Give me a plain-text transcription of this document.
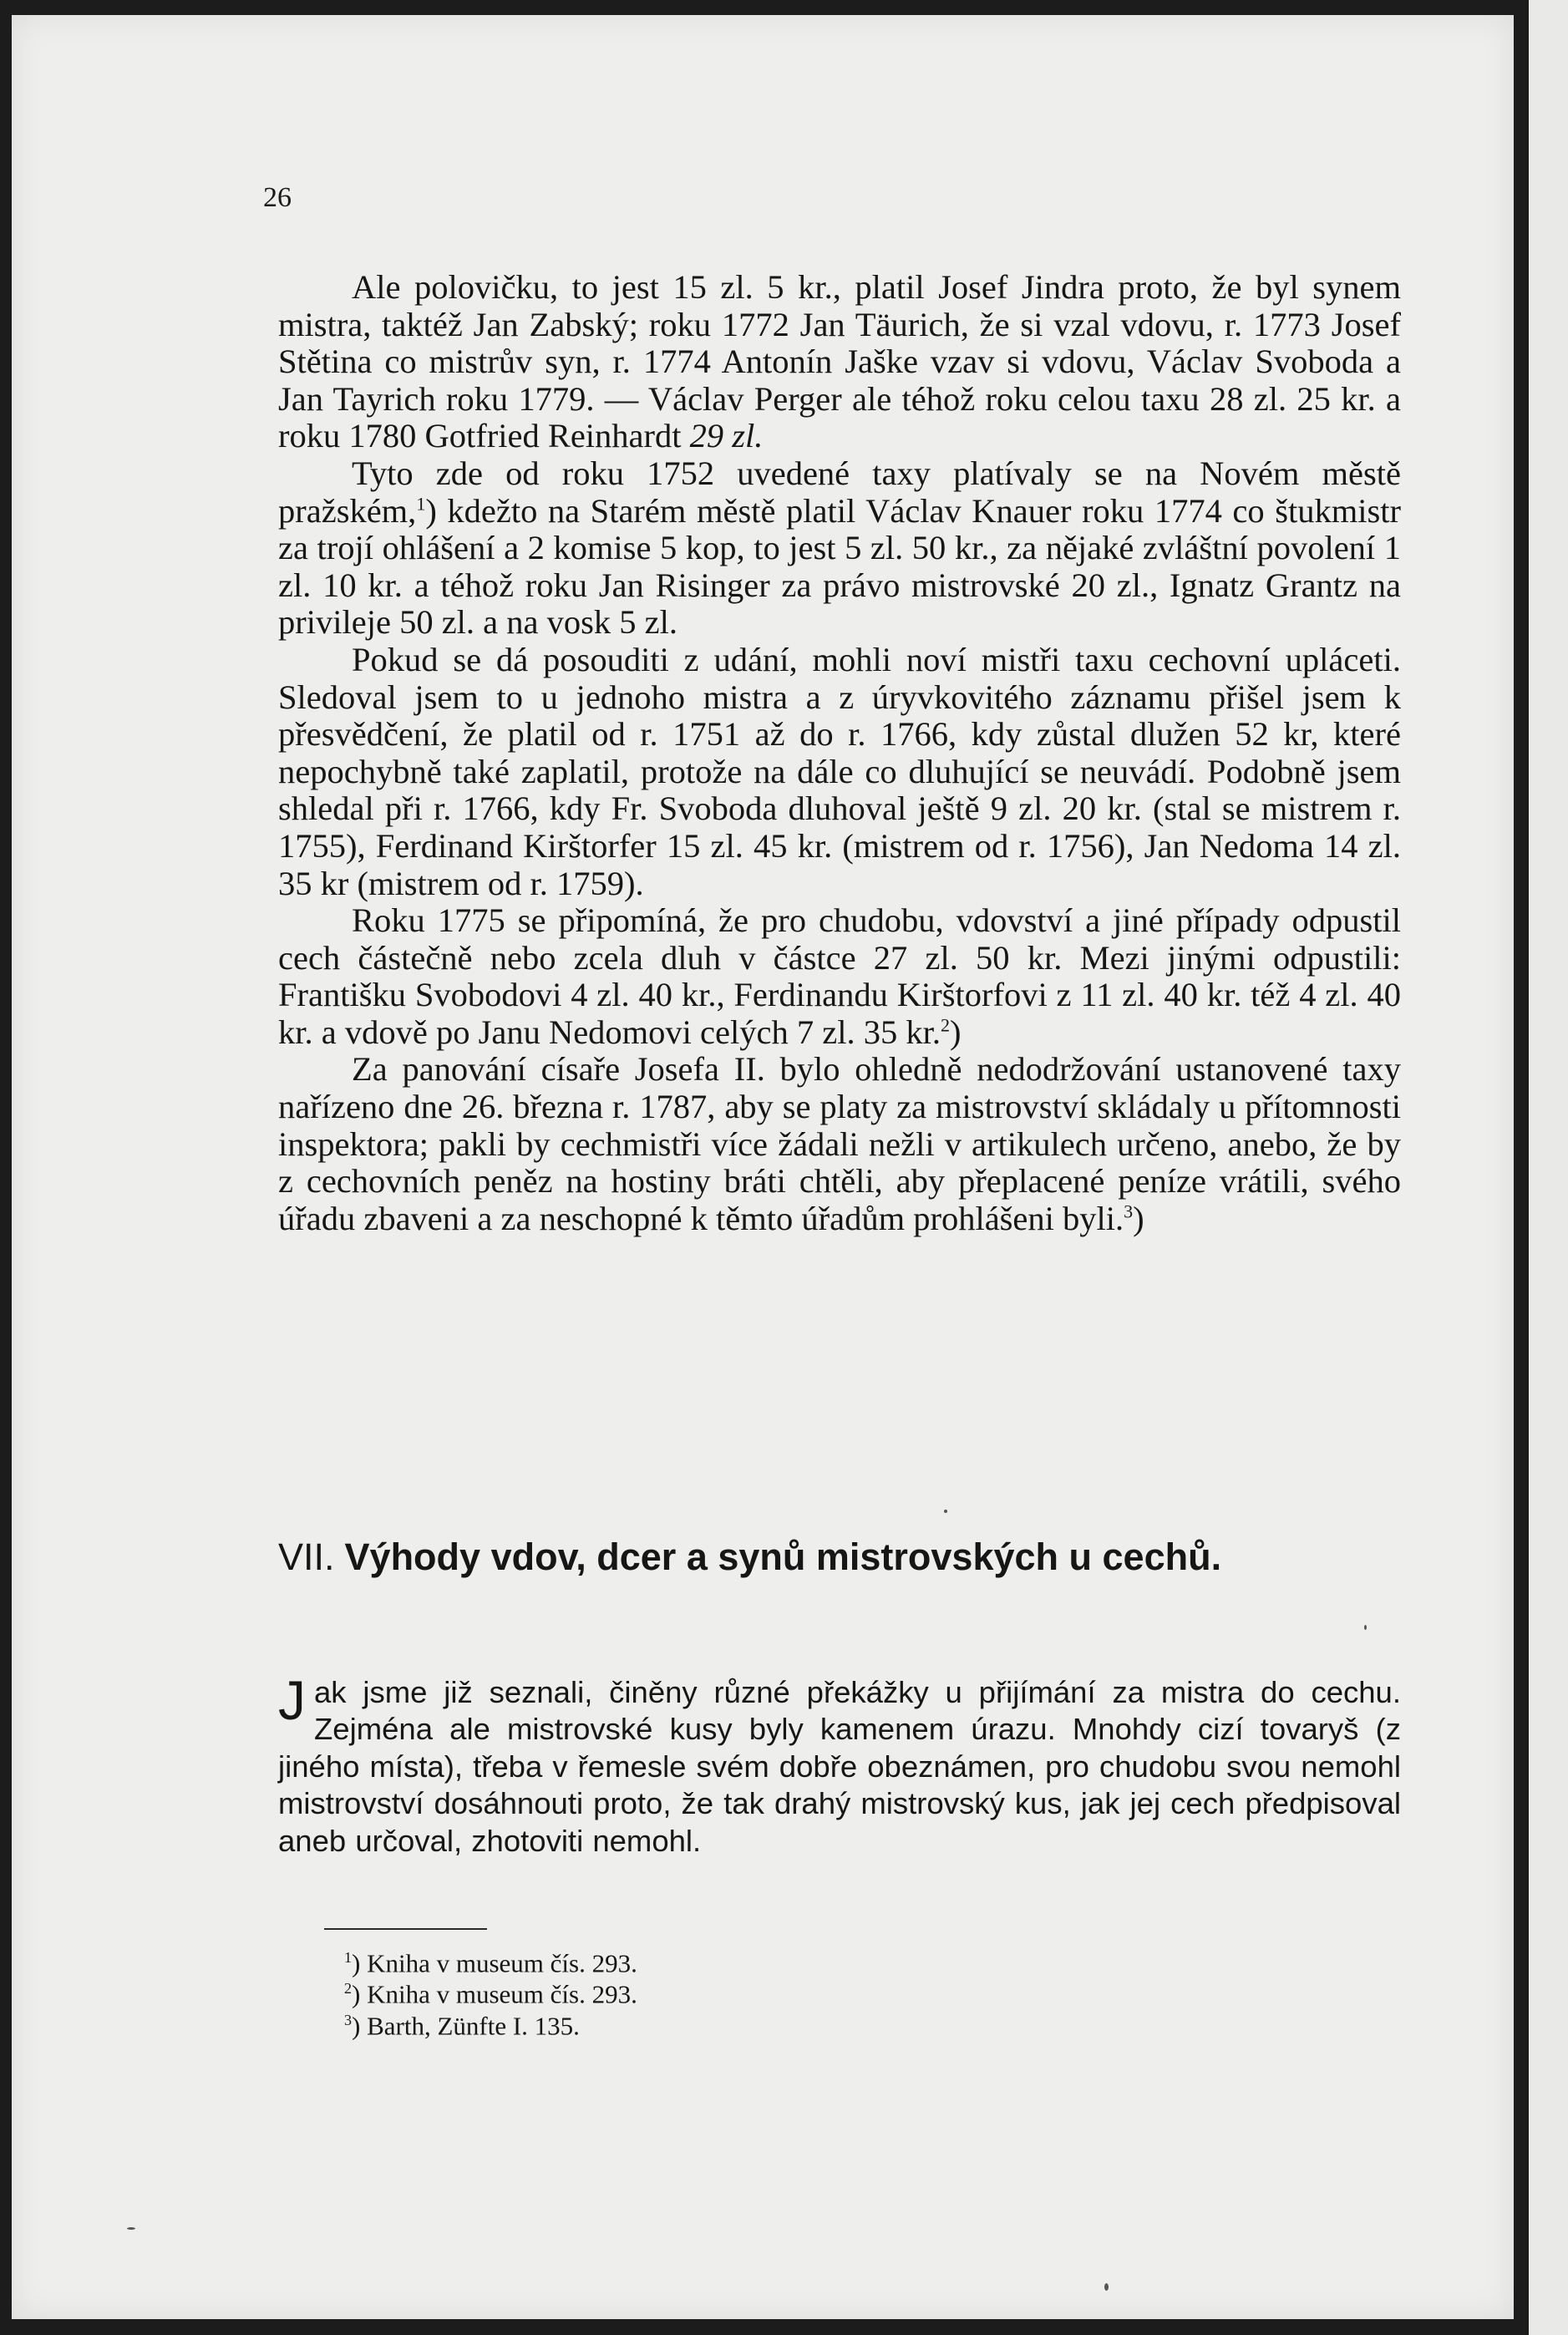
26

Ale polovičku, to jest 15 zl. 5 kr., platil Josef Jindra proto, že byl synem mistra, taktéž Jan Zabský; roku 1772 Jan Täurich, že si vzal vdovu, r. 1773 Josef Stětina co mistrův syn, r. 1774 Antonín Jaške vzav si vdovu, Václav Svoboda a Jan Tayrich roku 1779. — Václav Perger ale téhož roku celou taxu 28 zl. 25 kr. a roku 1780 Gotfried Reinhardt 29 zl.

Tyto zde od roku 1752 uvedené taxy platívaly se na Novém městě pražském,$^1$) kdežto na Starém městě platil Václav Knauer roku 1774 co štukmistr za trojí ohlášení a 2 komise 5 kop, to jest 5 zl. 50 kr., za nějaké zvláštní povolení 1 zl. 10 kr. a téhož roku Jan Risinger za právo mistrovské 20 zl., Ignatz Grantz na privileje 50 zl. a na vosk 5 zl.

Pokud se dá posouditi z udání, mohli noví mistři taxu cechovní upláceti. Sledoval jsem to u jednoho mistra a z úryvkovitého záznamu přišel jsem k přesvědčení, že platil od r. 1751 až do r. 1766, kdy zůstal dlužen 52 kr, které nepochybně také zaplatil, protože na dále co dluhující se neuvádí. Podobně jsem shledal při r. 1766, kdy Fr. Svoboda dluhoval ještě 9 zl. 20 kr. (stal se mistrem r. 1755), Ferdinand Kirštorfer 15 zl. 45 kr. (mistrem od r. 1756), Jan Nedoma 14 zl. 35 kr (mistrem od r. 1759).

Roku 1775 se připomíná, že pro chudobu, vdovství a jiné případy odpustil cech částečně nebo zcela dluh v částce 27 zl. 50 kr. Mezi jinými odpustili: Františku Svobodovi 4 zl. 40 kr., Ferdinandu Kirštorfovi z 11 zl. 40 kr. též 4 zl. 40 kr. a vdově po Janu Nedomovi celých 7 zl. 35 kr.$^2$)

Za panování císaře Josefa II. bylo ohledně nedodržování ustanovené taxy nařízeno dne 26. března r. 1787, aby se platy za mistrovství skládaly u přítomnosti inspektora; pakli by cechmistři více žádali nežli v artikulech určeno, anebo, že by z cechovních peněz na hostiny bráti chtěli, aby přeplacené peníze vrátili, svého úřadu zbaveni a za neschopné k těmto úřadům prohlášeni byli.$^3$)

VII. Výhody vdov, dcer a synů mistrovských u cechů.

Jak jsme již seznali, činěny různé překážky u přijímání za mistra do cechu. Zejména ale mistrovské kusy byly kamenem úrazu. Mnohdy cizí tovaryš (z jiného místa), třeba v řemesle svém dobře obeznámen, pro chudobu svou nemohl mistrovství dosáhnouti proto, že tak drahý mistrovský kus, jak jej cech předpisoval aneb určoval, zhotoviti nemohl.

$^1$) Kniha v museum čís. 293.
$^2$) Kniha v museum čís. 293.
$^3$) Barth, Zünfte I. 135.
